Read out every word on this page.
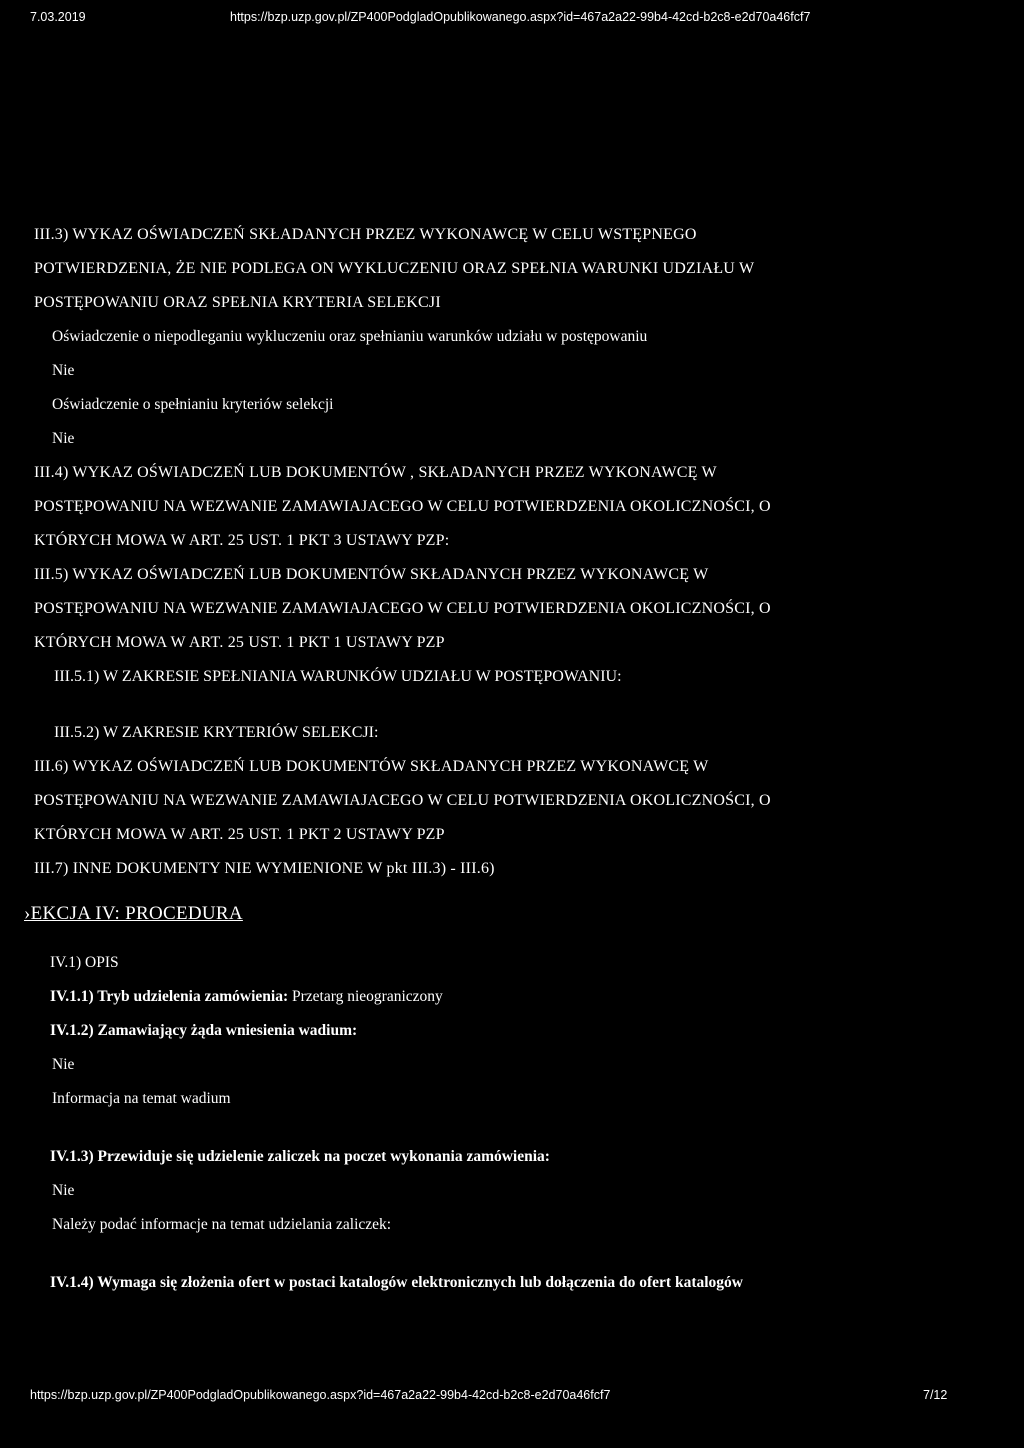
7.03.2019	https://bzp.uzp.gov.pl/ZP400PodgladOpublikowanego.aspx?id=467a2a22-99b4-42cd-b2c8-e2d70a46fcf7

III.3) WYKAZ OŚWIADCZEŃ SKŁADANYCH PRZEZ WYKONAWCĘ W CELU WSTĘPNEGO

POTWIERDZENIA, ŻE NIE PODLEGA ON WYKLUCZENIU ORAZ SPEŁNIA WARUNKI UDZIAŁU W

POSTĘPOWANIU ORAZ SPEŁNIA KRYTERIA SELEKCJI

Oświadczenie o niepodleganiu wykluczeniu oraz spełnianiu warunków udziału w postępowaniu

Nie

Oświadczenie o spełnianiu kryteriów selekcji

Nie

III.4) WYKAZ OŚWIADCZEŃ LUB DOKUMENTÓW , SKŁADANYCH PRZEZ WYKONAWCĘ W

POSTĘPOWANIU NA WEZWANIE ZAMAWIAJACEGO W CELU POTWIERDZENIA OKOLICZNOŚCI, O

KTÓRYCH MOWA W ART. 25 UST. 1 PKT 3 USTAWY PZP:

III.5) WYKAZ OŚWIADCZEŃ LUB DOKUMENTÓW SKŁADANYCH PRZEZ WYKONAWCĘ W

POSTĘPOWANIU NA WEZWANIE ZAMAWIAJACEGO W CELU POTWIERDZENIA OKOLICZNOŚCI, O

KTÓRYCH MOWA W ART. 25 UST. 1 PKT 1 USTAWY PZP

III.5.1) W ZAKRESIE SPEŁNIANIA WARUNKÓW UDZIAŁU W POSTĘPOWANIU:

III.5.2) W ZAKRESIE KRYTERIÓW SELEKCJI:

III.6) WYKAZ OŚWIADCZEŃ LUB DOKUMENTÓW SKŁADANYCH PRZEZ WYKONAWCĘ W

POSTĘPOWANIU NA WEZWANIE ZAMAWIAJACEGO W CELU POTWIERDZENIA OKOLICZNOŚCI, O

KTÓRYCH MOWA W ART. 25 UST. 1 PKT 2 USTAWY PZP

III.7) INNE DOKUMENTY NIE WYMIENIONE W pkt III.3) - III.6)

›EKCJA IV: PROCEDURA

IV.1) OPIS

IV.1.1) Tryb udzielenia zamówienia: Przetarg nieograniczony

IV.1.2) Zamawiający żąda wniesienia wadium:

Nie

Informacja na temat wadium

IV.1.3) Przewiduje się udzielenie zaliczek na poczet wykonania zamówienia:

Nie

Należy podać informacje na temat udzielania zaliczek:

IV.1.4) Wymaga się złożenia ofert w postaci katalogów elektronicznych lub dołączenia do ofert katalogów

https://bzp.uzp.gov.pl/ZP400PodgladOpublikowanego.aspx?id=467a2a22-99b4-42cd-b2c8-e2d70a46fcf7	7/12
